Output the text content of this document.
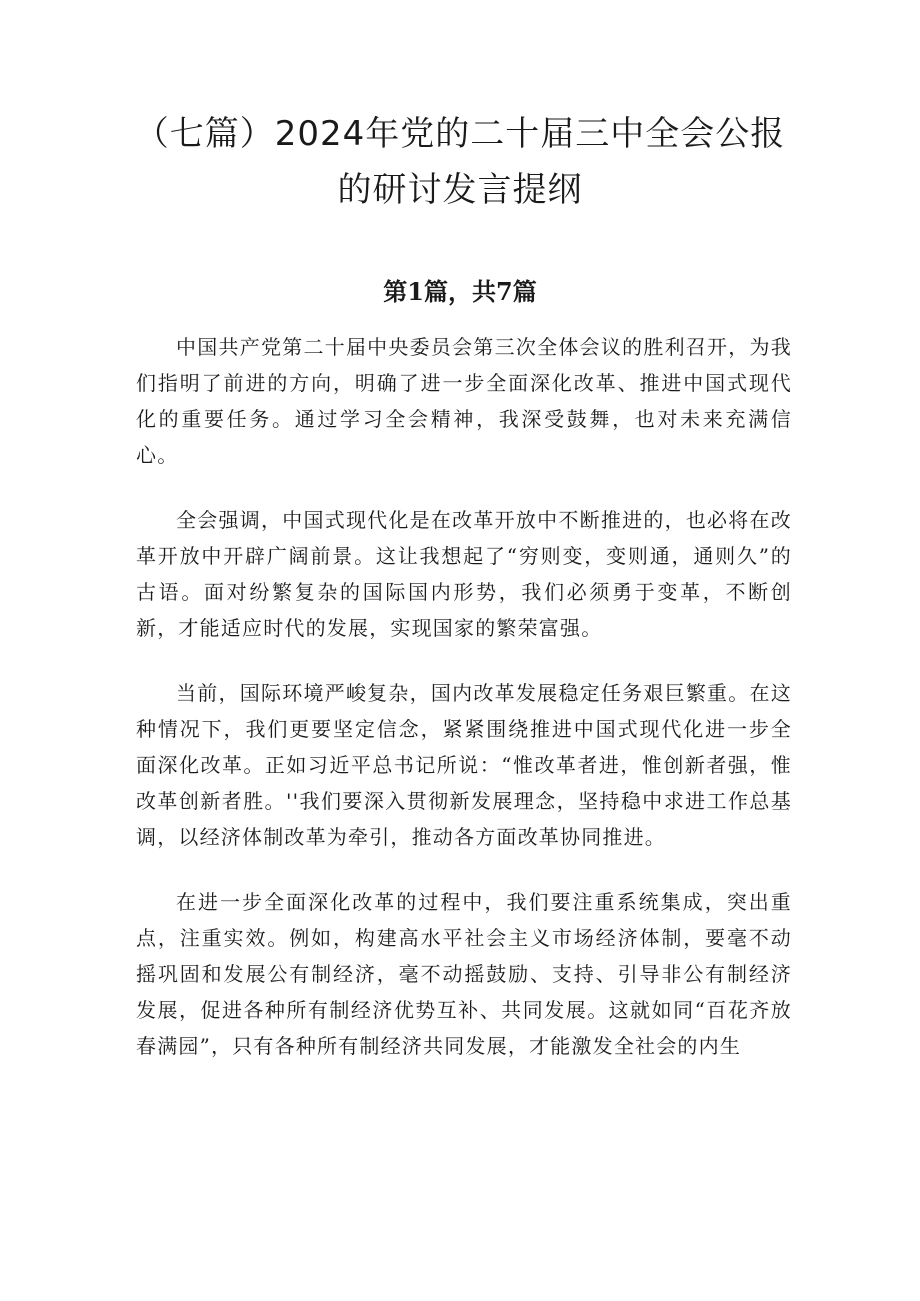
（七篇）2024年党的二十届三中全会公报
的研讨发言提纲
第1篇，共7篇

中国共产党第二十届中央委员会第三次全体会议的胜利召开，为我们指明了前进的方向，明确了进一步全面深化改革、推进中国式现代化的重要任务。通过学习全会精神，我深受鼓舞，也对未来充满信心。

全会强调，中国式现代化是在改革开放中不断推进的，也必将在改革开放中开辟广阔前景。这让我想起了“穷则变，变则通，通则久”的古语。面对纷繁复杂的国际国内形势，我们必须勇于变革，不断创新，才能适应时代的发展，实现国家的繁荣富强。

当前，国际环境严峻复杂，国内改革发展稳定任务艰巨繁重。在这种情况下，我们更要坚定信念，紧紧围绕推进中国式现代化进一步全面深化改革。正如习近平总书记所说：“惟改革者进，惟创新者强，惟改革创新者胜。''我们要深入贯彻新发展理念，坚持稳中求进工作总基调，以经济体制改革为牵引，推动各方面改革协同推进。

在进一步全面深化改革的过程中，我们要注重系统集成，突出重点，注重实效。例如，构建高水平社会主义市场经济体制，要毫不动摇巩固和发展公有制经济，毫不动摇鼓励、支持、引导非公有制经济发展，促进各种所有制经济优势互补、共同发展。这就如同“百花齐放春满园”，只有各种所有制经济共同发展，才能激发全社会的内生
